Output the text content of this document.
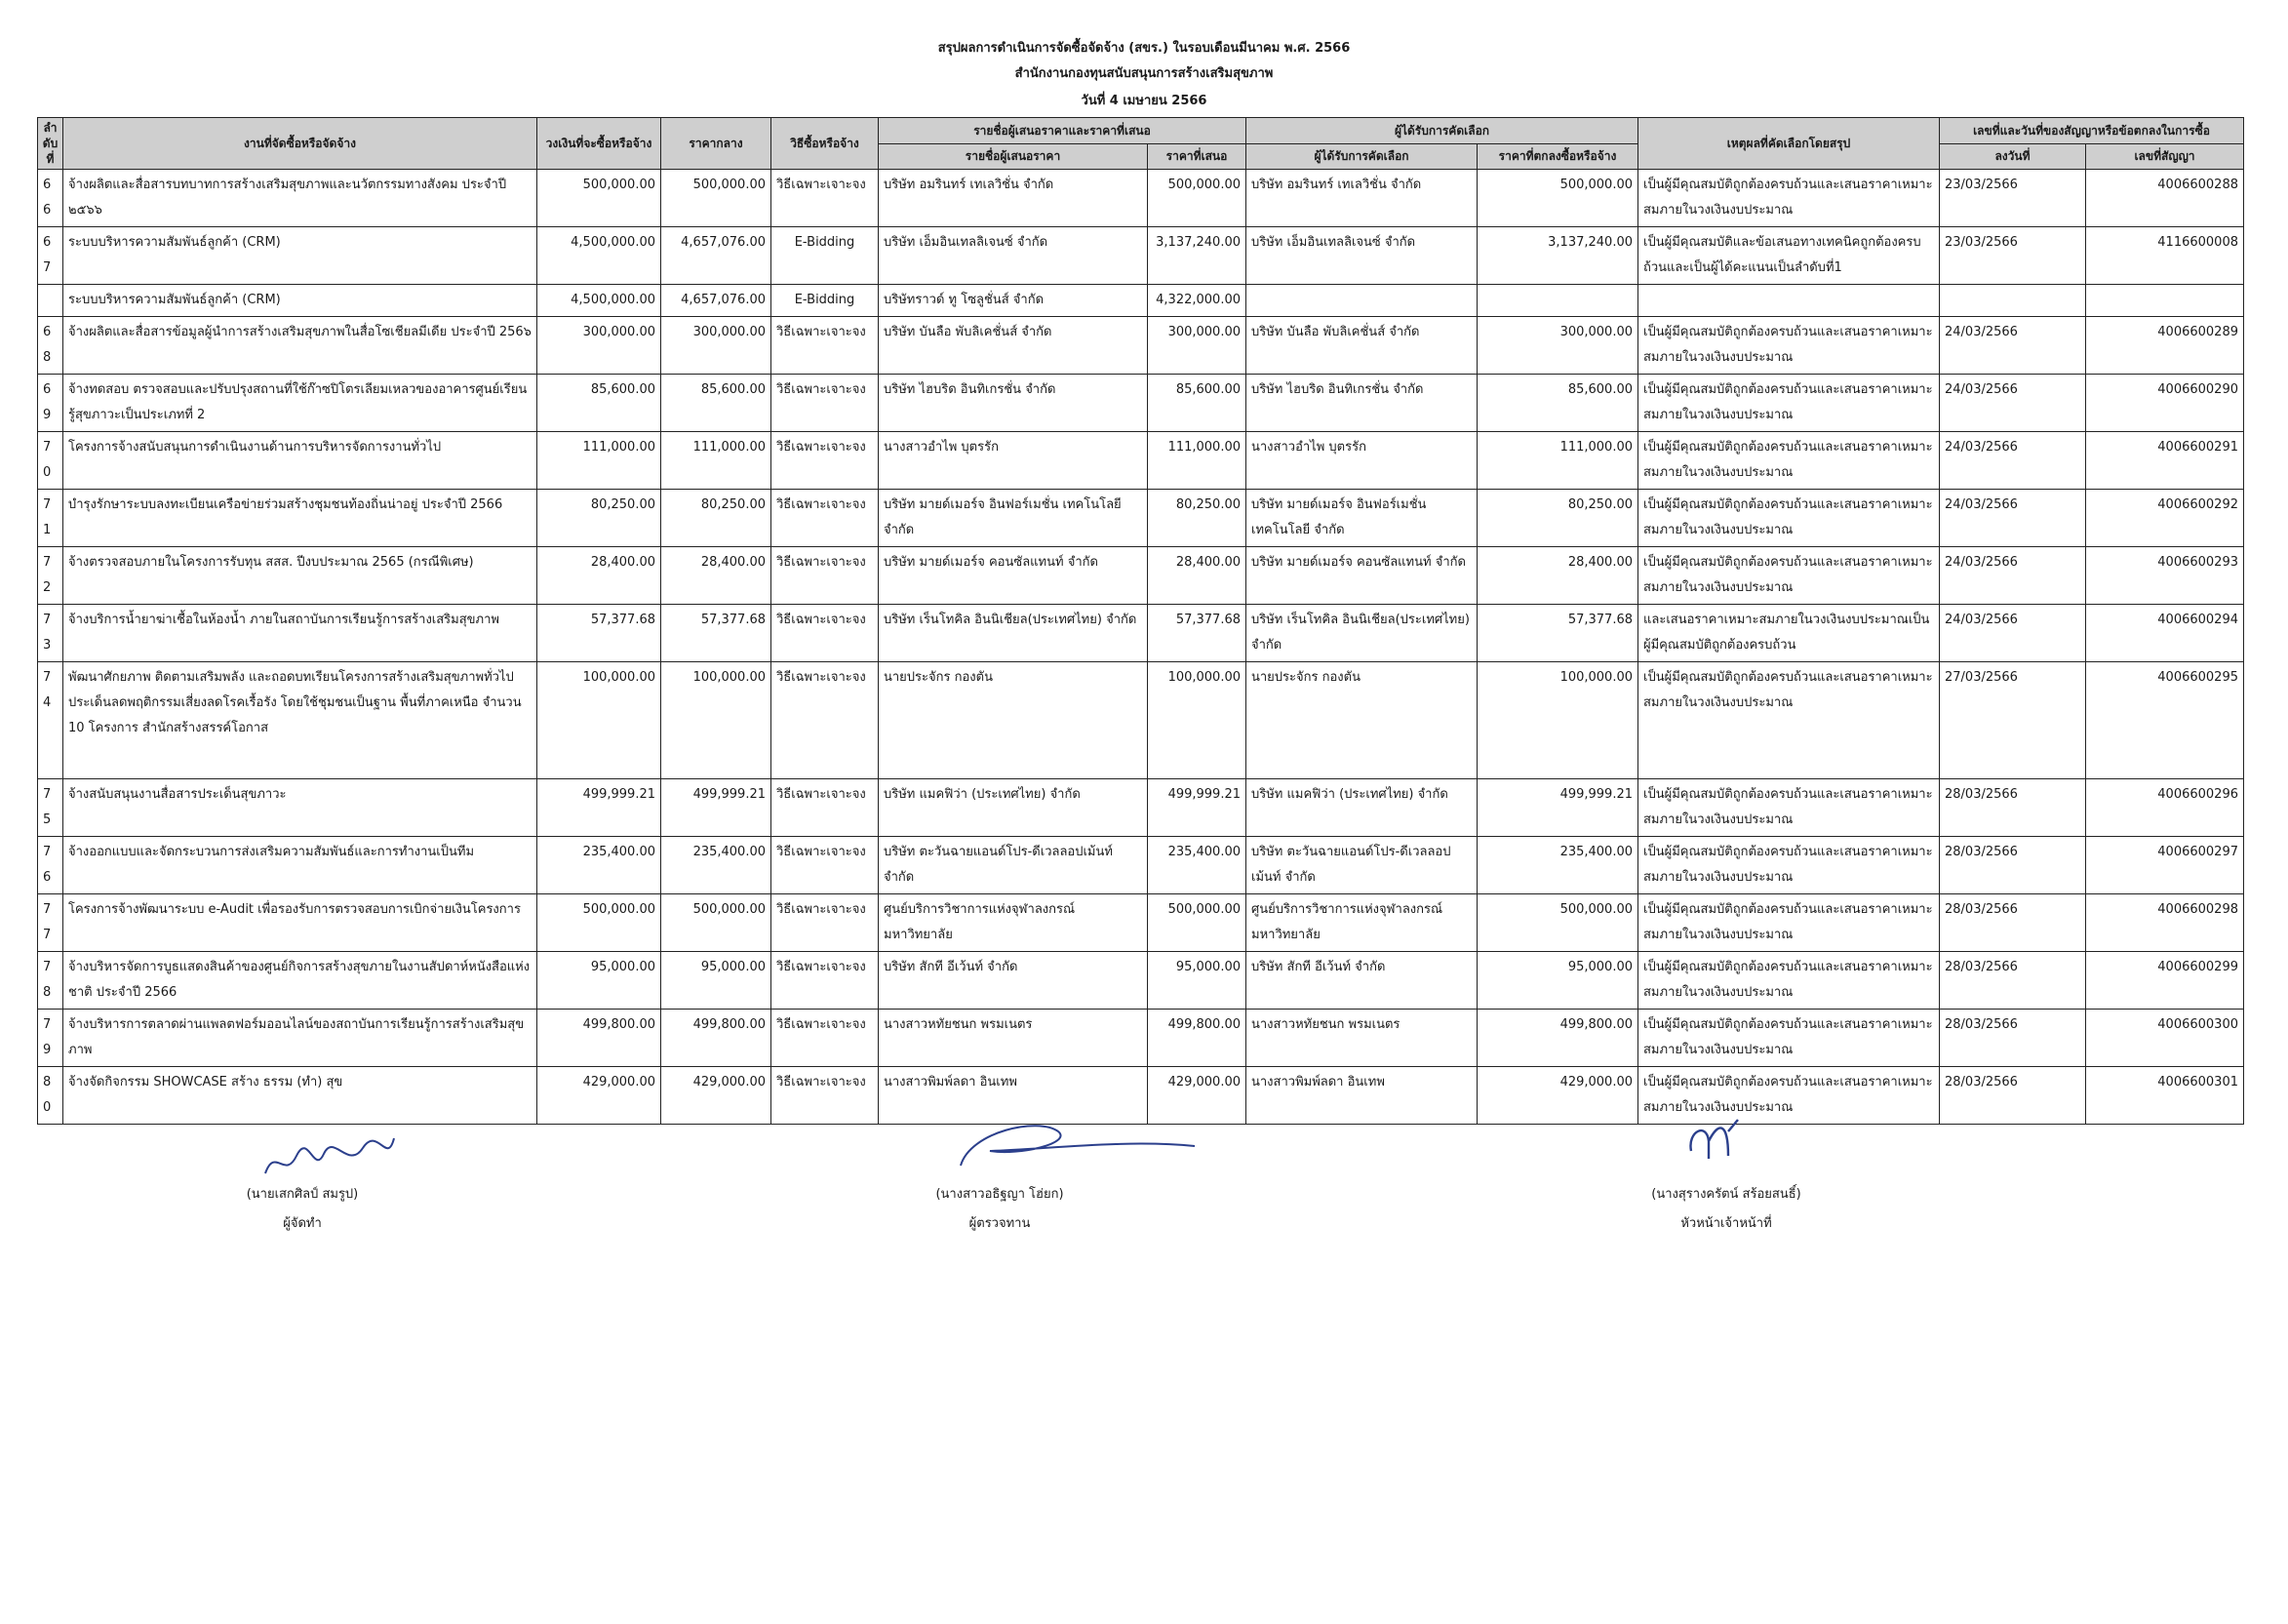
สรุปผลการดำเนินการจัดซื้อจัดจ้าง (สขร.) ในรอบเดือนมีนาคม พ.ศ. 2566
สำนักงานกองทุนสนับสนุนการสร้างเสริมสุขภาพ
วันที่ 4 เมษายน 2566
ลำดับที่	งานที่จัดซื้อหรือจัดจ้าง	วงเงินที่จะซื้อหรือจ้าง	ราคากลาง	วิธีซื้อหรือจ้าง	รายชื่อผู้เสนอราคาและราคาที่เสนอ		ผู้ได้รับการคัดเลือก		เหตุผลที่คัดเลือกโดยสรุป	เลขที่และวันที่ของสัญญาหรือข้อตกลงในการซื้อ	
					รายชื่อผู้เสนอราคา	ราคาที่เสนอ	ผู้ได้รับการคัดเลือก	ราคาที่ตกลงซื้อหรือจ้าง		ลงวันที่	เลขที่สัญญา
66	จ้างผลิตและสื่อสารบทบาทการสร้างเสริมสุขภาพและนวัตกรรมทางสังคม ประจำปี ๒๕๖๖	500,000.00	500,000.00	วิธีเฉพาะเจาะจง	บริษัท อมรินทร์ เทเลวิชั่น จำกัด	500,000.00	บริษัท อมรินทร์ เทเลวิชั่น จำกัด	500,000.00	เป็นผู้มีคุณสมบัติถูกต้องครบถ้วนและเสนอราคาเหมาะสมภายในวงเงินงบประมาณ	23/03/2566	4006600288
67	ระบบบริหารความสัมพันธ์ลูกค้า (CRM)	4,500,000.00	4,657,076.00	E-Bidding	บริษัท เอ็มอินเทลลิเจนซ์ จำกัด	3,137,240.00	บริษัท เอ็มอินเทลลิเจนซ์ จำกัด	3,137,240.00	เป็นผู้มีคุณสมบัติและข้อเสนอทางเทคนิคถูกต้องครบถ้วนและเป็นผู้ได้คะแนนเป็นลำดับที่1	23/03/2566	4116600008
	ระบบบริหารความสัมพันธ์ลูกค้า (CRM)	4,500,000.00	4,657,076.00	E-Bidding	บริษัทราวด์ ทู โซลูชั่นส์ จำกัด	4,322,000.00					
68	จ้างผลิตและสื่อสารข้อมูลผู้นำการสร้างเสริมสุขภาพในสื่อโซเชียลมีเดีย ประจำปี 256๖	300,000.00	300,000.00	วิธีเฉพาะเจาะจง	บริษัท บันลือ พับลิเคชั่นส์ จำกัด	300,000.00	บริษัท บันลือ พับลิเคชั่นส์ จำกัด	300,000.00	เป็นผู้มีคุณสมบัติถูกต้องครบถ้วนและเสนอราคาเหมาะสมภายในวงเงินงบประมาณ	24/03/2566	4006600289
69	จ้างทดสอบ ตรวจสอบและปรับปรุงสถานที่ใช้ก๊าซปิโตรเลียมเหลวของอาคารศูนย์เรียนรู้สุขภาวะเป็นประเภทที่ 2	85,600.00	85,600.00	วิธีเฉพาะเจาะจง	บริษัท ไฮบริด อินทิเกรชั่น จำกัด	85,600.00	บริษัท ไฮบริด อินทิเกรชั่น จำกัด	85,600.00	เป็นผู้มีคุณสมบัติถูกต้องครบถ้วนและเสนอราคาเหมาะสมภายในวงเงินงบประมาณ	24/03/2566	4006600290
70	โครงการจ้างสนับสนุนการดำเนินงานด้านการบริหารจัดการงานทั่วไป	111,000.00	111,000.00	วิธีเฉพาะเจาะจง	นางสาวอำไพ บุตรรัก	111,000.00	นางสาวอำไพ บุตรรัก	111,000.00	เป็นผู้มีคุณสมบัติถูกต้องครบถ้วนและเสนอราคาเหมาะสมภายในวงเงินงบประมาณ	24/03/2566	4006600291
71	บำรุงรักษาระบบลงทะเบียนเครือข่ายร่วมสร้างชุมชนท้องถิ่นน่าอยู่ ประจำปี 2566	80,250.00	80,250.00	วิธีเฉพาะเจาะจง	บริษัท มายด์เมอร์จ อินฟอร์เมชั่น เทคโนโลยี จำกัด	80,250.00	บริษัท มายด์เมอร์จ อินฟอร์เมชั่น เทคโนโลยี จำกัด	80,250.00	เป็นผู้มีคุณสมบัติถูกต้องครบถ้วนและเสนอราคาเหมาะสมภายในวงเงินงบประมาณ	24/03/2566	4006600292
72	จ้างตรวจสอบภายในโครงการรับทุน สสส. ปีงบประมาณ 2565 (กรณีพิเศษ)	28,400.00	28,400.00	วิธีเฉพาะเจาะจง	บริษัท มายด์เมอร์จ คอนซัลแทนท์ จำกัด	28,400.00	บริษัท มายด์เมอร์จ คอนซัลแทนท์ จำกัด	28,400.00	เป็นผู้มีคุณสมบัติถูกต้องครบถ้วนและเสนอราคาเหมาะสมภายในวงเงินงบประมาณ	24/03/2566	4006600293
73	จ้างบริการน้ำยาฆ่าเชื้อในห้องน้ำ ภายในสถาบันการเรียนรู้การสร้างเสริมสุขภาพ	57,377.68	57,377.68	วิธีเฉพาะเจาะจง	บริษัท เร็นโทคิล อินนิเชียล(ประเทศไทย) จำกัด	57,377.68	บริษัท เร็นโทคิล อินนิเชียล(ประเทศไทย) จำกัด	57,377.68	และเสนอราคาเหมาะสมภายในวงเงินงบประมาณเป็นผู้มีคุณสมบัติถูกต้องครบถ้วน	24/03/2566	4006600294
74	พัฒนาศักยภาพ ติดตามเสริมพลัง และถอดบทเรียนโครงการสร้างเสริมสุขภาพทั่วไป ประเด็นลดพฤติกรรมเสี่ยงลดโรคเรื้อรัง โดยใช้ชุมชนเป็นฐาน พื้นที่ภาคเหนือ จำนวน 10 โครงการ สำนักสร้างสรรค์โอกาส	100,000.00	100,000.00	วิธีเฉพาะเจาะจง	นายประจักร กองตัน	100,000.00	นายประจักร กองตัน	100,000.00	เป็นผู้มีคุณสมบัติถูกต้องครบถ้วนและเสนอราคาเหมาะสมภายในวงเงินงบประมาณ	27/03/2566	4006600295
75	จ้างสนับสนุนงานสื่อสารประเด็นสุขภาวะ	499,999.21	499,999.21	วิธีเฉพาะเจาะจง	บริษัท แมคฟิว่า (ประเทศไทย) จำกัด	499,999.21	บริษัท แมคฟิว่า (ประเทศไทย) จำกัด	499,999.21	เป็นผู้มีคุณสมบัติถูกต้องครบถ้วนและเสนอราคาเหมาะสมภายในวงเงินงบประมาณ	28/03/2566	4006600296
76	จ้างออกแบบและจัดกระบวนการส่งเสริมความสัมพันธ์และการทำงานเป็นทีม	235,400.00	235,400.00	วิธีเฉพาะเจาะจง	บริษัท ตะวันฉายแอนด์โปร-ดีเวลลอปเม้นท์ จำกัด	235,400.00	บริษัท ตะวันฉายแอนด์โปร-ดีเวลลอปเม้นท์ จำกัด	235,400.00	เป็นผู้มีคุณสมบัติถูกต้องครบถ้วนและเสนอราคาเหมาะสมภายในวงเงินงบประมาณ	28/03/2566	4006600297
77	โครงการจ้างพัฒนาระบบ e-Audit เพื่อรองรับการตรวจสอบการเบิกจ่ายเงินโครงการ	500,000.00	500,000.00	วิธีเฉพาะเจาะจง	ศูนย์บริการวิชาการแห่งจุฬาลงกรณ์มหาวิทยาลัย	500,000.00	ศูนย์บริการวิชาการแห่งจุฬาลงกรณ์มหาวิทยาลัย	500,000.00	เป็นผู้มีคุณสมบัติถูกต้องครบถ้วนและเสนอราคาเหมาะสมภายในวงเงินงบประมาณ	28/03/2566	4006600298
78	จ้างบริหารจัดการบูธแสดงสินค้าของศูนย์กิจการสร้างสุขภายในงานสัปดาห์หนังสือแห่งชาติ ประจำปี 2566	95,000.00	95,000.00	วิธีเฉพาะเจาะจง	บริษัท สักที อีเว้นท์ จำกัด	95,000.00	บริษัท สักที อีเว้นท์ จำกัด	95,000.00	เป็นผู้มีคุณสมบัติถูกต้องครบถ้วนและเสนอราคาเหมาะสมภายในวงเงินงบประมาณ	28/03/2566	4006600299
79	จ้างบริหารการตลาดผ่านแพลตฟอร์มออนไลน์ของสถาบันการเรียนรู้การสร้างเสริมสุขภาพ	499,800.00	499,800.00	วิธีเฉพาะเจาะจง	นางสาวหทัยชนก พรมเนตร	499,800.00	นางสาวหทัยชนก พรมเนตร	499,800.00	เป็นผู้มีคุณสมบัติถูกต้องครบถ้วนและเสนอราคาเหมาะสมภายในวงเงินงบประมาณ	28/03/2566	4006600300
80	จ้างจัดกิจกรรม SHOWCASE สร้าง ธรรม (ทำ) สุข	429,000.00	429,000.00	วิธีเฉพาะเจาะจง	นางสาวพิมพ์ลดา อินเทพ	429,000.00	นางสาวพิมพ์ลดา อินเทพ	429,000.00	เป็นผู้มีคุณสมบัติถูกต้องครบถ้วนและเสนอราคาเหมาะสมภายในวงเงินงบประมาณ	28/03/2566	4006600301
(นายเสกศิลป์ สมรูป)
ผู้จัดทำ
(นางสาวอธิฐญา โฮ่ยก)
ผู้ตรวจทาน
(นางสุรางครัตน์ สร้อยสนธิ์)
หัวหน้าเจ้าหน้าที่
